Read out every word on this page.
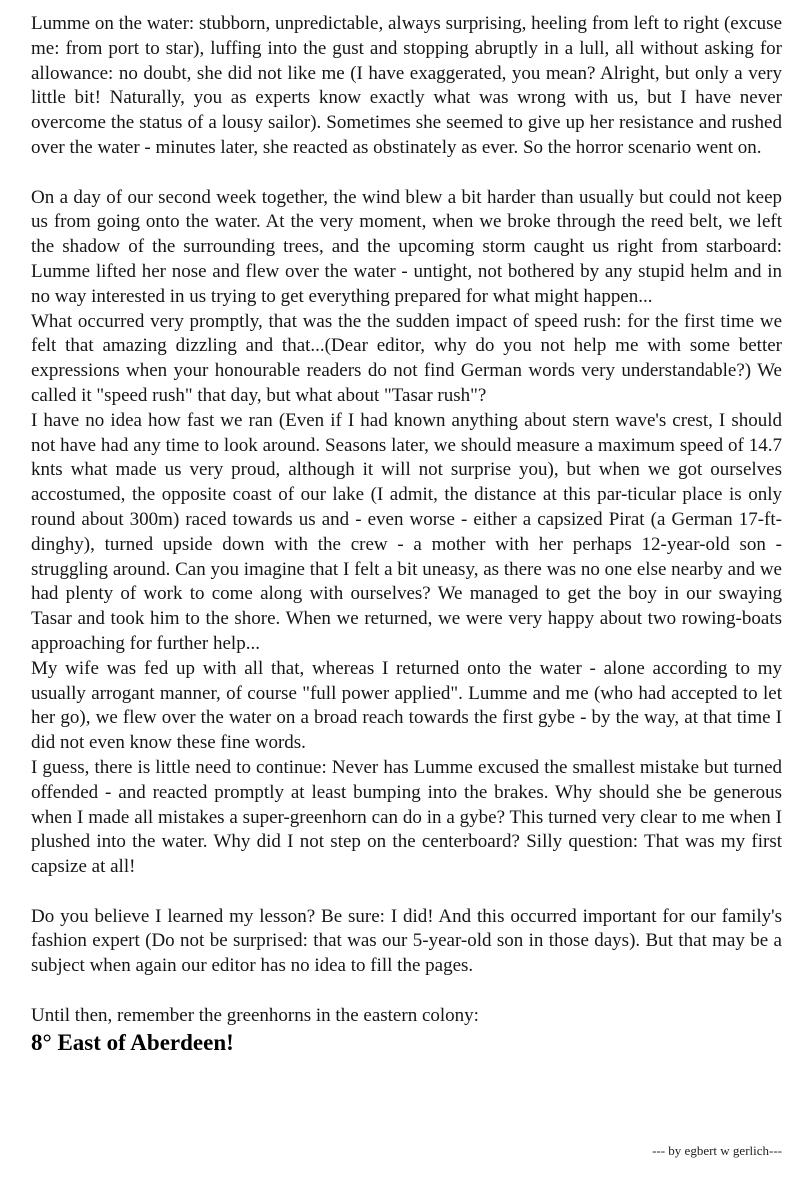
Lumme on the water: stubborn, unpredictable, always surprising, heeling from left to right (excuse me: from port to star), luffing into the gust and stopping abruptly in a lull, all without asking for allowance: no doubt, she did not like me (I have exaggerated, you mean? Alright, but only a very little bit! Naturally, you as experts know exactly what was wrong with us, but I have never overcome the status of a lousy sailor). Sometimes she seemed to give up her resistance and rushed over the water - minutes later, she reacted as obstinately as ever. So the horror scenario went on.

On a day of our second week together, the wind blew a bit harder than usually but could not keep us from going onto the water. At the very moment, when we broke through the reed belt, we left the shadow of the surrounding trees, and the upcoming storm caught us right from starboard: Lumme lifted her nose and flew over the water - untight, not bothered by any stupid helm and in no way interested in us trying to get everything prepared for what might happen...

What occurred very promptly, that was the the sudden impact of speed rush: for the first time we felt that amazing dizzling and that...(Dear editor, why do you not help me with some better expressions when your honourable readers do not find German words very understandable?) We called it "speed rush" that day, but what about "Tasar rush"?

I have no idea how fast we ran (Even if I had known anything about stern wave's crest, I should not have had any time to look around. Seasons later, we should measure a maximum speed of 14.7 knts what made us very proud, although it will not surprise you), but when we got ourselves accostumed, the opposite coast of our lake (I admit, the distance at this par-ticular place is only round about 300m) raced towards us and - even worse - either a capsized Pirat (a German 17-ft-dinghy), turned upside down with the crew - a mother with her perhaps 12-year-old son - struggling around. Can you imagine that I felt a bit uneasy, as there was no one else nearby and we had plenty of work to come along with ourselves? We managed to get the boy in our swaying Tasar and took him to the shore. When we returned, we were very happy about two rowing-boats approaching for further help...

My wife was fed up with all that, whereas I returned onto the water - alone according to my usually arrogant manner, of course "full power applied". Lumme and me (who had accepted to let her go), we flew over the water on a broad reach towards the first gybe - by the way, at that time I did not even know these fine words.

I guess, there is little need to continue: Never has Lumme excused the smallest mistake but turned offended - and reacted promptly at least bumping into the brakes. Why should she be generous when I made all mistakes a super-greenhorn can do in a gybe? This turned very clear to me when I plushed into the water. Why did I not step on the centerboard? Silly question: That was my first capsize at all!

Do you believe I learned my lesson? Be sure: I did! And this occurred important for our family's fashion expert (Do not be surprised: that was our 5-year-old son in those days). But that may be a subject when again our editor has no idea to fill the pages.

Until then, remember the greenhorns in the eastern colony:

8° East of Aberdeen!

--- by egbert w gerlich---
